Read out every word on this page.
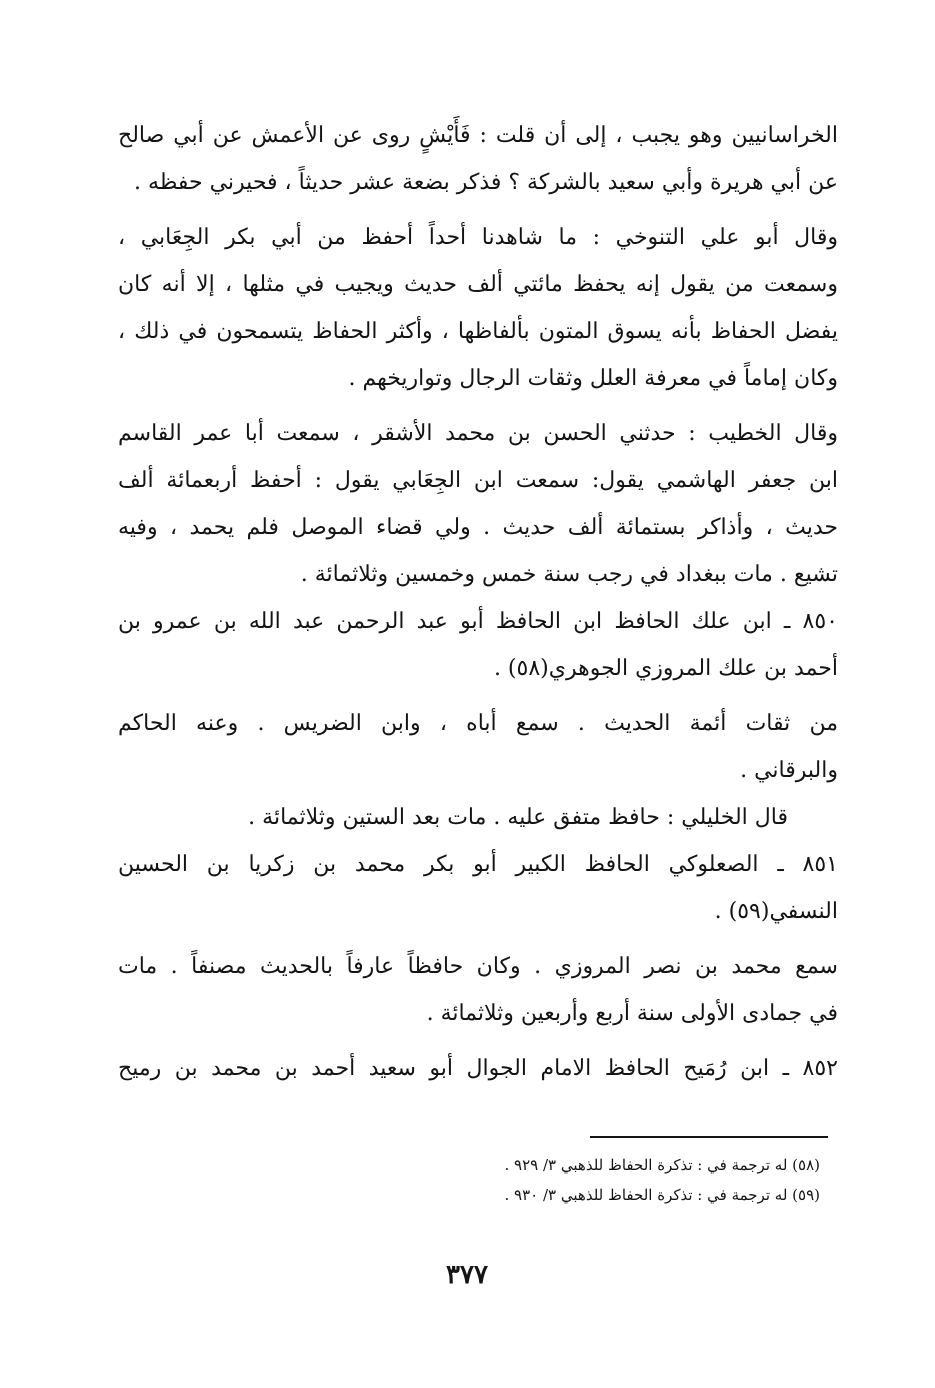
الخراسانيين وهو يجبب ، إلى أن قلت : فَأَيْشٍ روى عن الأعمش عن أبي صالح
عن أبي هريرة وأبي سعيد بالشركة ؟ فذكر بضعة عشر حديثاً ، فحيرني حفظه .
وقال أبو علي التنوخي : ما شاهدنا أحداً أحفظ من أبي بكر الجِعَابي ،
وسمعت من يقول إنه يحفظ مائتي ألف حديث ويجيب في مثلها ، إلا أنه كان
يفضل الحفاظ بأنه يسوق المتون بألفاظها ، وأكثر الحفاظ يتسمحون في ذلك ،
وكان إماماً في معرفة العلل وثقات الرجال وتواريخهم .
وقال الخطيب : حدثني الحسن بن محمد الأشقر ، سمعت أبا عمر القاسم
ابن جعفر الهاشمي يقول: سمعت ابن الجِعَابي يقول : أحفظ أربعمائة ألف
حديث ، وأذاكر بستمائة ألف حديث . ولي قضاء الموصل فلم يحمد ، وفيه
تشيع . مات ببغداد في رجب سنة خمس وخمسين وثلاثمائة .
٨٥٠ ـ ابن علك الحافظ ابن الحافظ أبو عبد الرحمن عبد الله بن عمرو بن
أحمد بن علك المروزي الجوهري(٥٨) .
من ثقات أئمة الحديث . سمع أباه ، وابن الضريس . وعنه الحاكم
والبرقاني .
قال الخليلي : حافظ متفق عليه . مات بعد الستين وثلاثمائة .
٨٥١ ـ الصعلوكي الحافظ الكبير أبو بكر محمد بن زكريا بن الحسين
النسفي(٥٩) .
سمع محمد بن نصر المروزي . وكان حافظاً عارفاً بالحديث مصنفاً . مات
في جمادى الأولى سنة أربع وأربعين وثلاثمائة .
٨٥٢ ـ ابن رُمَيح الحافظ الامام الجوال أبو سعيد أحمد بن محمد بن رميح
(٥٨) له ترجمة في : تذكرة الحفاظ للذهبي ٣/ ٩٢٩ .
(٥٩) له ترجمة في : تذكرة الحفاظ للذهبي ٣/ ٩٣٠ .
٣٧٧
